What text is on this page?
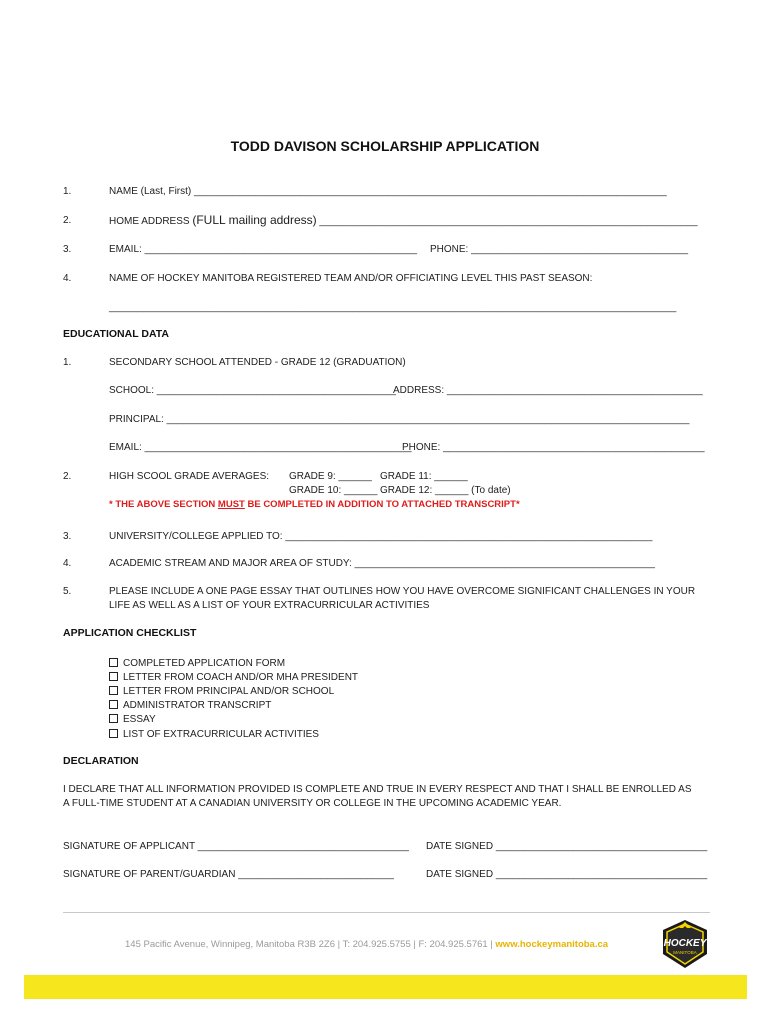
TODD DAVISON SCHOLARSHIP APPLICATION
1.	NAME (Last, First) _____________________________________________________________________________________
2.	HOME ADDRESS (FULL mailing address) ____________________________________________________________________
3.	EMAIL: _________________________________________________ PHONE: _______________________________________
4.	NAME OF HOCKEY MANITOBA REGISTERED TEAM AND/OR OFFICIATING LEVEL THIS PAST SEASON:
______________________________________________________________________________________________________
EDUCATIONAL DATA
1.	SECONDARY SCHOOL ATTENDED - GRADE 12 (GRADUATION)
SCHOOL: ___________________________________________
ADDRESS: ______________________________________________
PRINCIPAL: ______________________________________________________________________________________________
EMAIL: ________________________________________________
PHONE: _______________________________________________
2.	HIGH SCOOL GRADE AVERAGES: GRADE 9: ______ GRADE 11: ______
GRADE 10: ______ GRADE 12: ______ (To date)
* THE ABOVE SECTION MUST BE COMPLETED IN ADDITION TO ATTACHED TRANSCRIPT*
3.	UNIVERSITY/COLLEGE APPLIED TO: __________________________________________________________________
4.	ACADEMIC STREAM AND MAJOR AREA OF STUDY: ______________________________________________________
5.	PLEASE INCLUDE A ONE PAGE ESSAY THAT OUTLINES HOW YOU HAVE OVERCOME SIGNIFICANT CHALLENGES IN YOUR
LIFE AS WELL AS A LIST OF YOUR EXTRACURRICULAR ACTIVITIES
APPLICATION CHECKLIST
COMPLETED APPLICATION FORM
LETTER FROM COACH AND/OR MHA PRESIDENT
LETTER FROM PRINCIPAL AND/OR SCHOOL
ADMINISTRATOR TRANSCRIPT
ESSAY
LIST OF EXTRACURRICULAR ACTIVITIES
DECLARATION
I DECLARE THAT ALL INFORMATION PROVIDED IS COMPLETE AND TRUE IN EVERY RESPECT AND THAT I SHALL BE ENROLLED AS
A FULL-TIME STUDENT AT A CANADIAN UNIVERSITY OR COLLEGE IN THE UPCOMING ACADEMIC YEAR.
SIGNATURE OF APPLICANT ______________________________________ DATE SIGNED ______________________________________
SIGNATURE OF PARENT/GUARDIAN ____________________________	DATE SIGNED ______________________________________
145 Pacific Avenue, Winnipeg, Manitoba R3B 2Z6 | T: 204.925.5755 | F: 204.925.5761 | www.hockeymanitoba.ca	HOCKEY
MANITOBA
